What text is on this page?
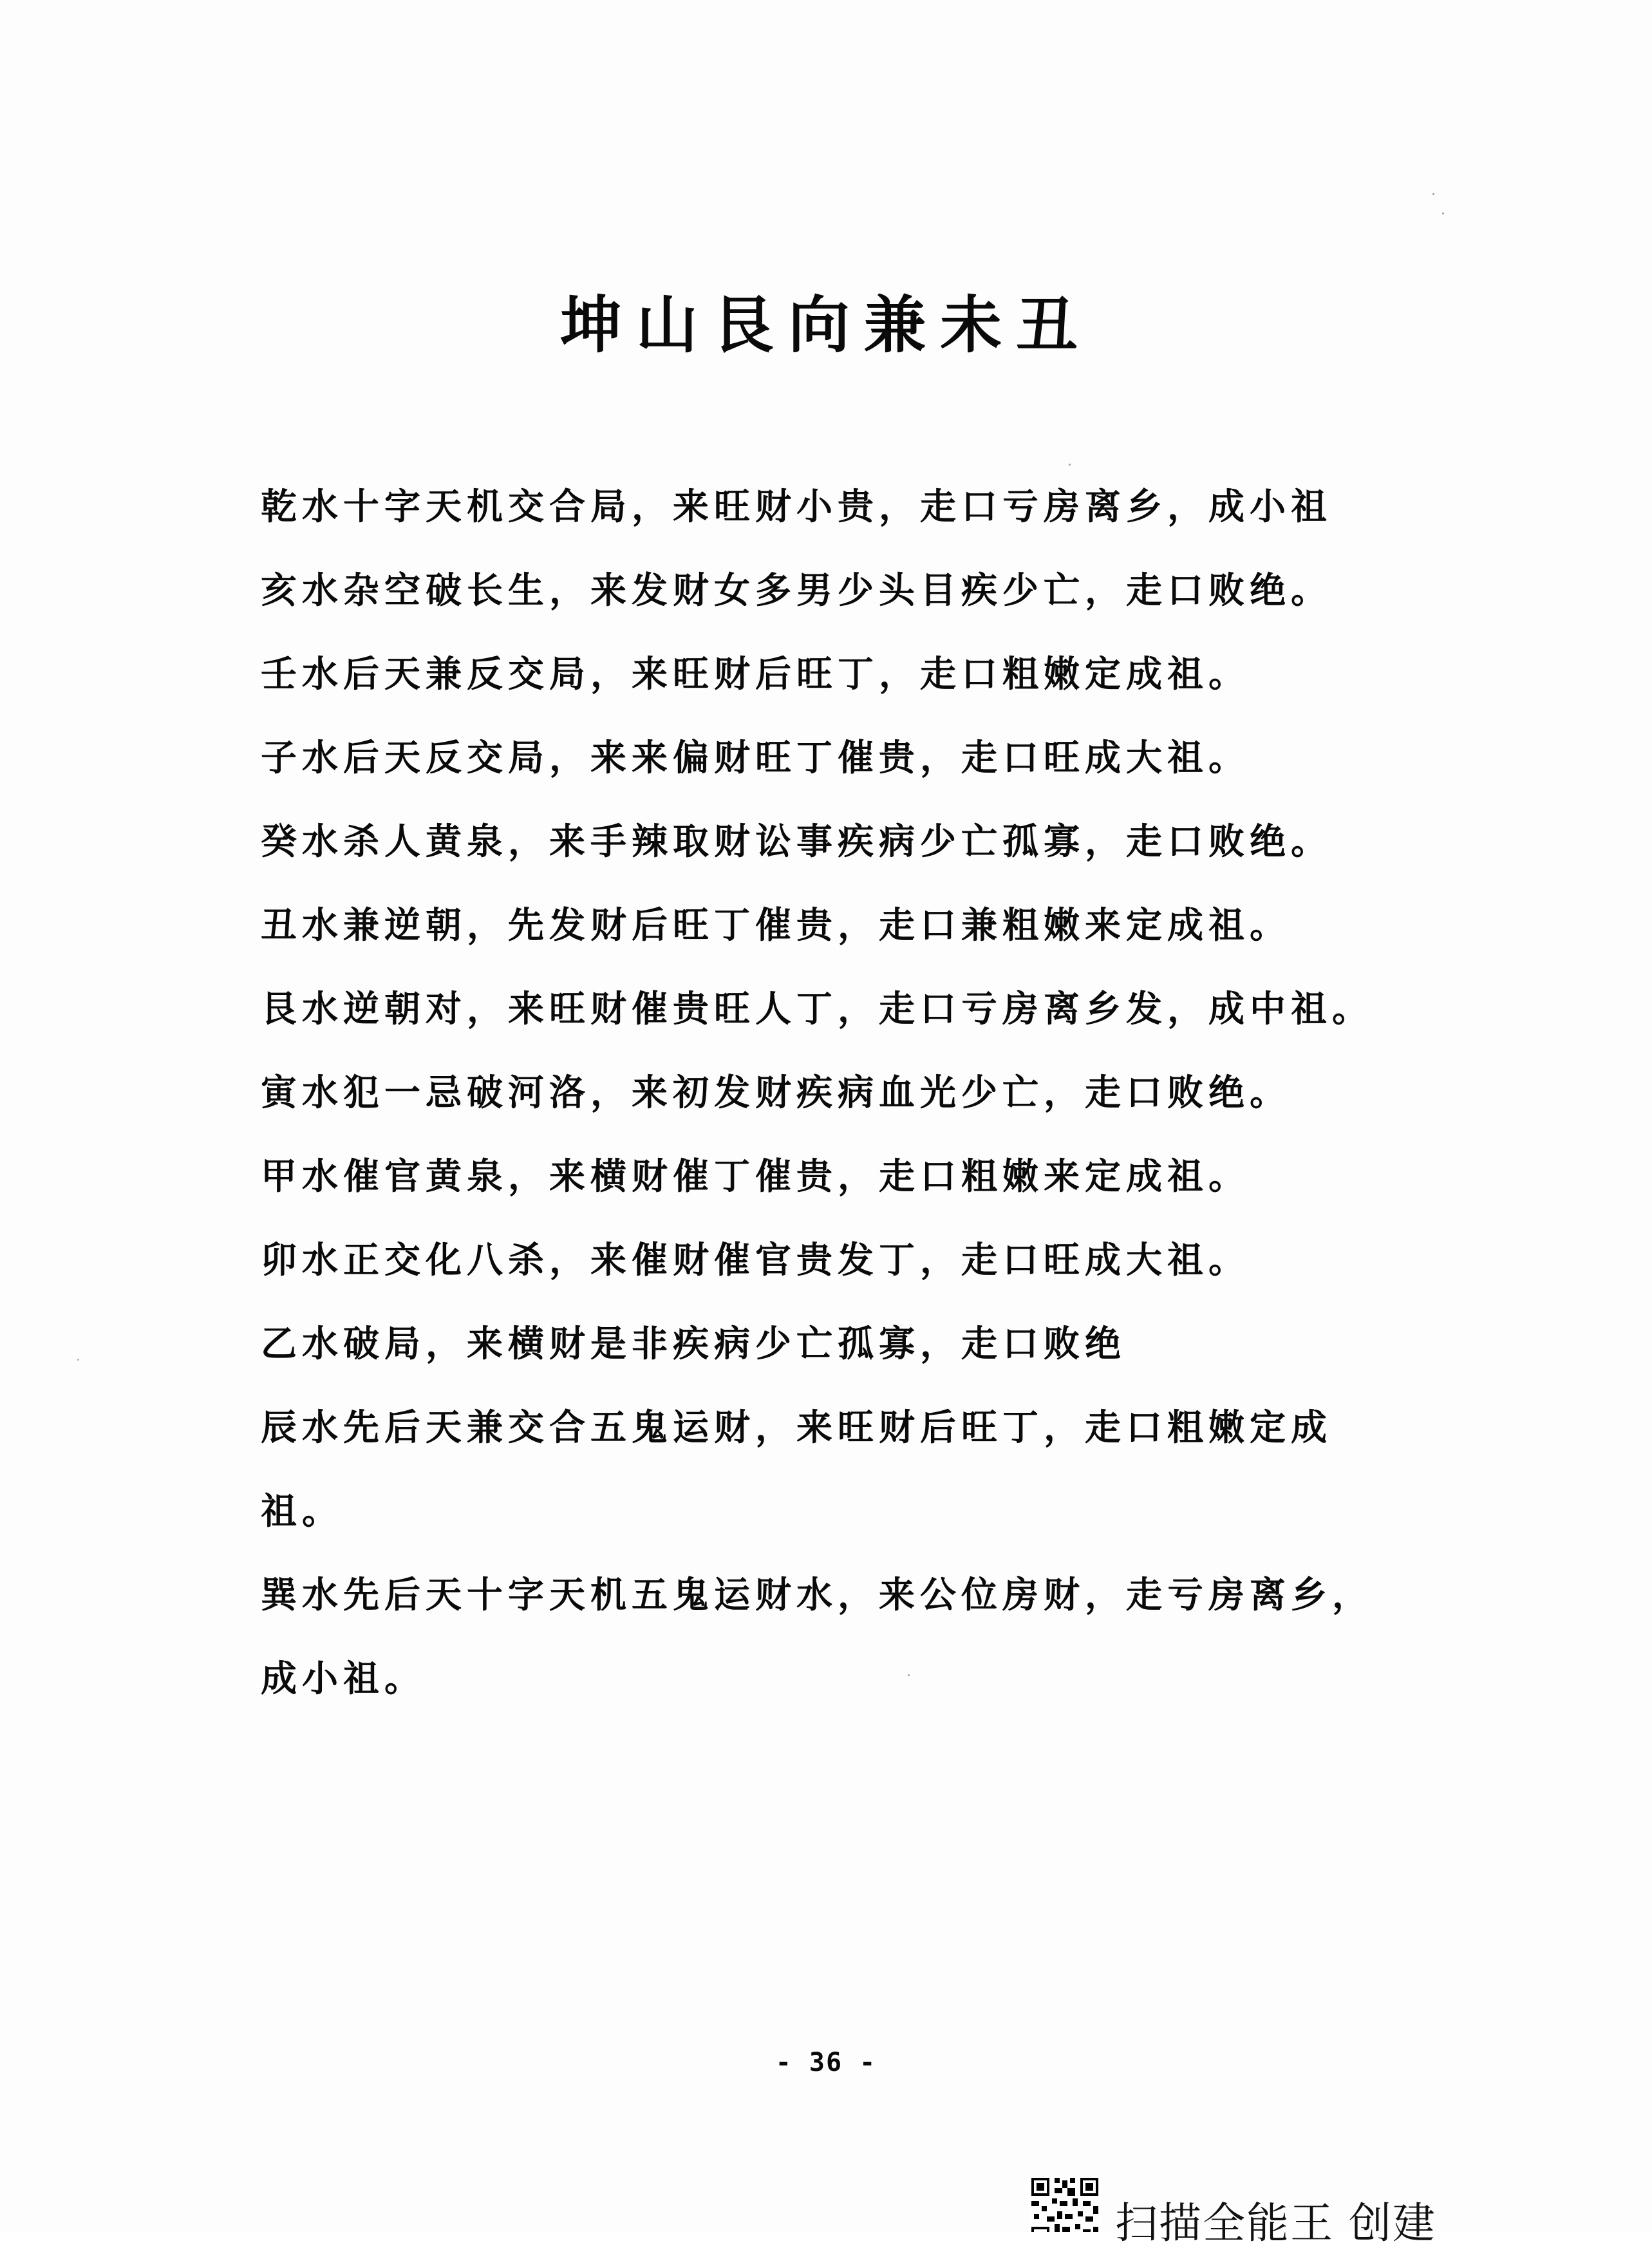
坤山艮向兼未丑
乾水十字天机交合局，来旺财小贵，走口亏房离乡，成小祖
亥水杂空破长生，来发财女多男少头目疾少亡，走口败绝。
壬水后天兼反交局，来旺财后旺丁，走口粗嫩定成祖。
子水后天反交局，来来偏财旺丁催贵，走口旺成大祖。
癸水杀人黄泉，来手辣取财讼事疾病少亡孤寡，走口败绝。
丑水兼逆朝，先发财后旺丁催贵，走口兼粗嫩来定成祖。
艮水逆朝对，来旺财催贵旺人丁，走口亏房离乡发，成中祖。
寅水犯一忌破河洛，来初发财疾病血光少亡，走口败绝。
甲水催官黄泉，来横财催丁催贵，走口粗嫩来定成祖。
卯水正交化八杀，来催财催官贵发丁，走口旺成大祖。
乙水破局，来横财是非疾病少亡孤寡，走口败绝
辰水先后天兼交合五鬼运财，来旺财后旺丁，走口粗嫩定成
祖。
巽水先后天十字天机五鬼运财水，来公位房财，走亏房离乡，
成小祖。
- 36 -
扫描全能王 创建
